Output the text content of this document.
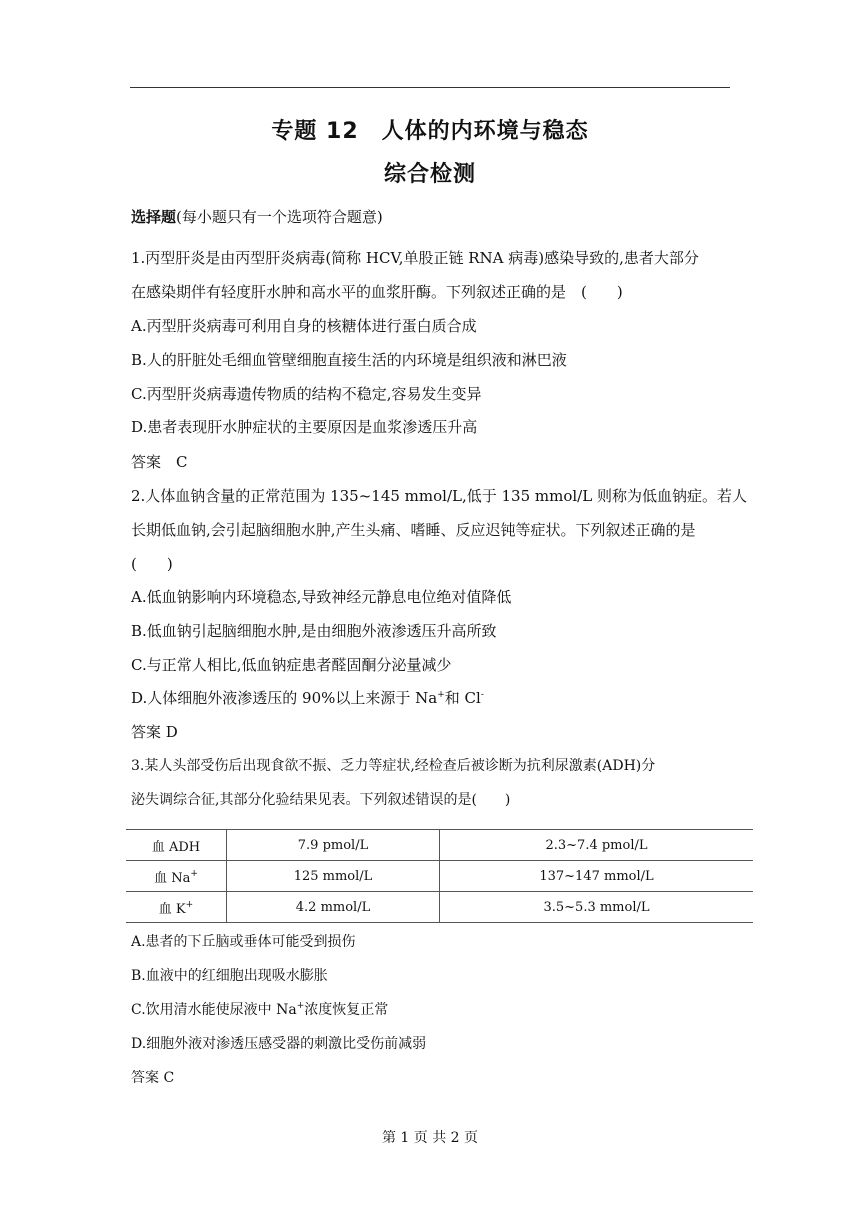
专题 12　人体的内环境与稳态
综合检测
选择题(每小题只有一个选项符合题意)
1.丙型肝炎是由丙型肝炎病毒(简称 HCV,单股正链 RNA 病毒)感染导致的,患者大部分
在感染期伴有轻度肝水肿和高水平的血浆肝酶。下列叙述正确的是　(　　)
A.丙型肝炎病毒可利用自身的核糖体进行蛋白质合成
B.人的肝脏处毛细血管壁细胞直接生活的内环境是组织液和淋巴液
C.丙型肝炎病毒遗传物质的结构不稳定,容易发生变异
D.患者表现肝水肿症状的主要原因是血浆渗透压升高
答案　C
2.人体血钠含量的正常范围为 135~145 mmol/L,低于 135 mmol/L 则称为低血钠症。若人
长期低血钠,会引起脑细胞水肿,产生头痛、嗜睡、反应迟钝等症状。下列叙述正确的是
(　　)
A.低血钠影响内环境稳态,导致神经元静息电位绝对值降低
B.低血钠引起脑细胞水肿,是由细胞外液渗透压升高所致
C.与正常人相比,低血钠症患者醛固酮分泌量减少
D.人体细胞外液渗透压的 90%以上来源于 Na+和 Cl-
答案 D
3.某人头部受伤后出现食欲不振、乏力等症状,经检查后被诊断为抗利尿激素(ADH)分
泌失调综合征,其部分化验结果见表。下列叙述错误的是(　　)
血 ADH	7.9 pmol/L	2.3~7.4 pmol/L
血 Na+	125 mmol/L	137~147 mmol/L
血 K+	4.2 mmol/L	3.5~5.3 mmol/L
A.患者的下丘脑或垂体可能受到损伤
B.血液中的红细胞出现吸水膨胀
C.饮用清水能使尿液中 Na+浓度恢复正常
D.细胞外液对渗透压感受器的刺激比受伤前减弱
答案 C
第 1 页 共 2 页
